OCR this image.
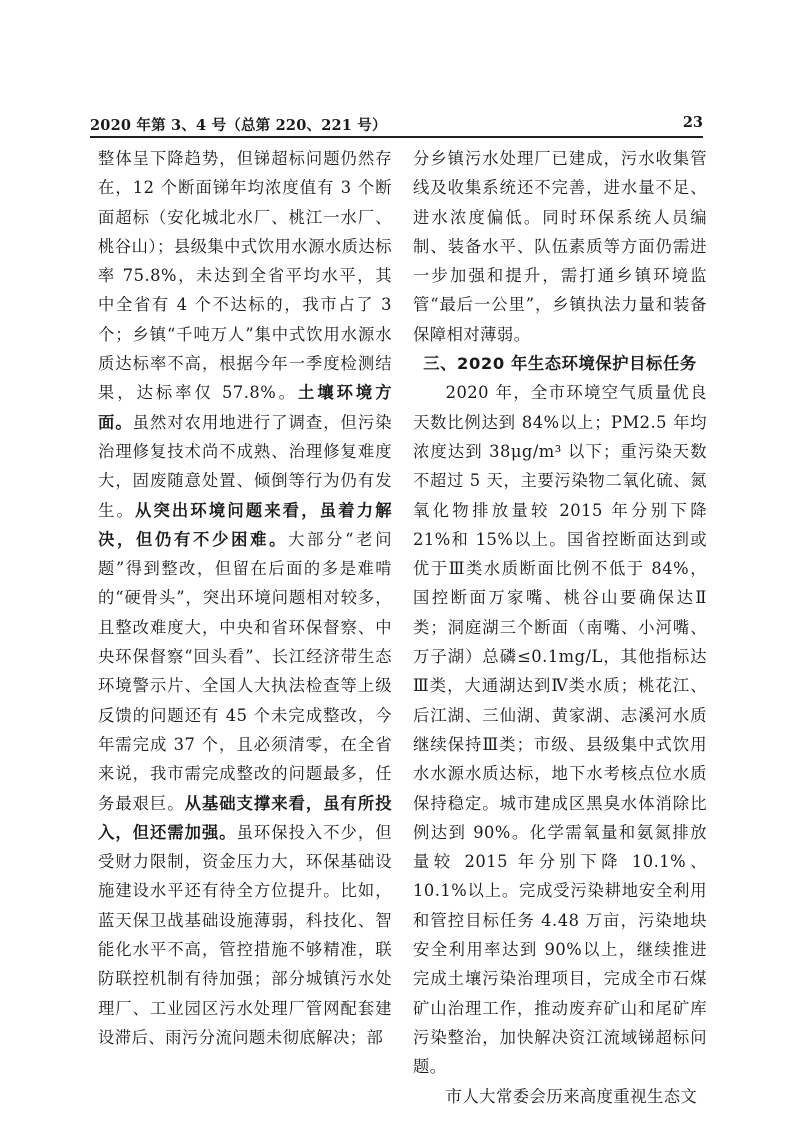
2020 年第 3、4 号（总第 220、221 号）	23

整体呈下降趋势，但锑超标问题仍然存在，12 个断面锑年均浓度值有 3 个断面超标（安化城北水厂、桃江一水厂、桃谷山）；县级集中式饮用水源水质达标率 75.8%，未达到全省平均水平，其中全省有 4 个不达标的，我市占了 3 个；乡镇“千吨万人”集中式饮用水源水质达标率不高，根据今年一季度检测结果，达标率仅 57.8%。土壤环境方面。虽然对农用地进行了调查，但污染治理修复技术尚不成熟、治理修复难度大，固废随意处置、倾倒等行为仍有发生。从突出环境问题来看，虽着力解决，但仍有不少困难。大部分“老问题”得到整改，但留在后面的多是难啃的“硬骨头”，突出环境问题相对较多，且整改难度大，中央和省环保督察、中央环保督察“回头看”、长江经济带生态环境警示片、全国人大执法检查等上级反馈的问题还有 45 个未完成整改，今年需完成 37 个，且必须清零，在全省来说，我市需完成整改的问题最多，任务最艰巨。从基础支撑来看，虽有所投入，但还需加强。虽环保投入不少，但受财力限制，资金压力大，环保基础设施建设水平还有待全方位提升。比如，蓝天保卫战基础设施薄弱，科技化、智能化水平不高，管控措施不够精准，联防联控机制有待加强；部分城镇污水处理厂、工业园区污水处理厂管网配套建设滞后、雨污分流问题未彻底解决；部

分乡镇污水处理厂已建成，污水收集管线及收集系统还不完善，进水量不足、进水浓度偏低。同时环保系统人员编制、装备水平、队伍素质等方面仍需进一步加强和提升，需打通乡镇环境监管“最后一公里”，乡镇执法力量和装备保障相对薄弱。

三、2020 年生态环境保护目标任务

2020 年，全市环境空气质量优良天数比例达到 84%以上；PM2.5 年均浓度达到 38μg/m³ 以下；重污染天数不超过 5 天，主要污染物二氧化硫、氮氧化物排放量较 2015 年分别下降 21%和 15%以上。国省控断面达到或优于Ⅲ类水质断面比例不低于 84%，国控断面万家嘴、桃谷山要确保达Ⅱ类；洞庭湖三个断面（南嘴、小河嘴、万子湖）总磷≤0.1mg/L，其他指标达Ⅲ类，大通湖达到Ⅳ类水质；桃花江、后江湖、三仙湖、黄家湖、志溪河水质继续保持Ⅲ类；市级、县级集中式饮用水水源水质达标，地下水考核点位水质保持稳定。城市建成区黑臭水体消除比例达到 90%。化学需氧量和氨氮排放量较 2015 年分别下降 10.1%、10.1%以上。完成受污染耕地安全利用和管控目标任务 4.48 万亩，污染地块安全利用率达到 90%以上，继续推进完成土壤污染治理项目，完成全市石煤矿山治理工作，推动废弃矿山和尾矿库污染整治，加快解决资江流域锑超标问题。

市人大常委会历来高度重视生态文
